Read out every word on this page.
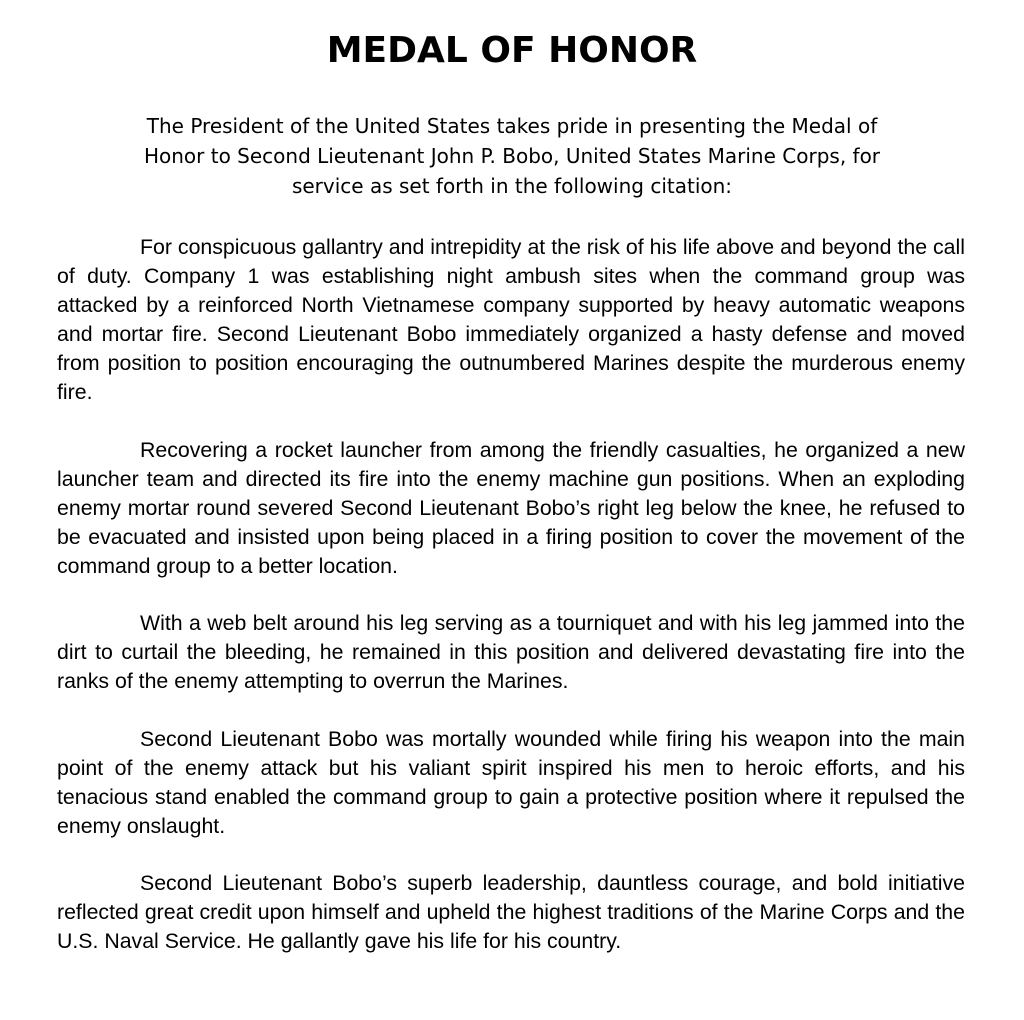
MEDAL OF HONOR

The President of the United States takes pride in presenting the Medal of Honor to Second Lieutenant John P. Bobo, United States Marine Corps, for service as set forth in the following citation:

For conspicuous gallantry and intrepidity at the risk of his life above and beyond the call of duty. Company 1 was establishing night ambush sites when the command group was attacked by a reinforced North Vietnamese company supported by heavy automatic weapons and mortar fire. Second Lieutenant Bobo immediately organized a hasty defense and moved from position to position encouraging the outnumbered Marines despite the murderous enemy fire.

Recovering a rocket launcher from among the friendly casualties, he organized a new launcher team and directed its fire into the enemy machine gun positions. When an exploding enemy mortar round severed Second Lieutenant Bobo’s right leg below the knee, he refused to be evacuated and insisted upon being placed in a firing position to cover the movement of the command group to a better location.

With a web belt around his leg serving as a tourniquet and with his leg jammed into the dirt to curtail the bleeding, he remained in this position and delivered devastating fire into the ranks of the enemy attempting to overrun the Marines.

Second Lieutenant Bobo was mortally wounded while firing his weapon into the main point of the enemy attack but his valiant spirit inspired his men to heroic efforts, and his tenacious stand enabled the command group to gain a protective position where it repulsed the enemy onslaught.

Second Lieutenant Bobo’s superb leadership, dauntless courage, and bold initiative reflected great credit upon himself and upheld the highest traditions of the Marine Corps and the U.S. Naval Service. He gallantly gave his life for his country.
